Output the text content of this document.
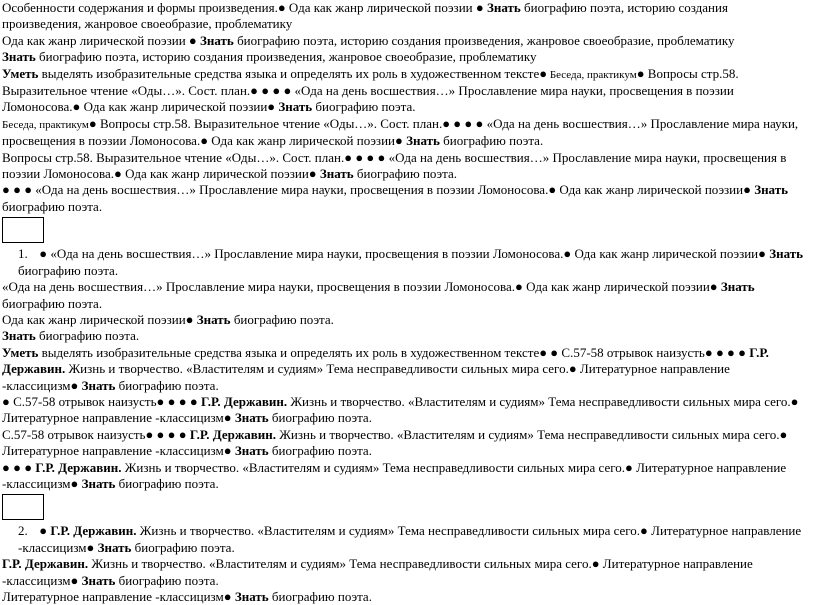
Особенности содержания и формы произведения.● Ода как жанр лирической поэзии ● Знать биографию поэта, историю создания произведения, жанровое своеобразие, проблематику

Ода как жанр лирической поэзии ● Знать биографию поэта, историю создания произведения, жанровое своеобразие, проблематику

Знать биографию поэта, историю создания произведения, жанровое своеобразие, проблематику

Уметь выделять изобразительные средства языка и определять их роль в художественном тексте● Беседа, практикум● Вопросы стр.58. Выразительное чтение «Оды…». Сост. план.● ● ● ● «Ода на день восшествия…» Прославление мира науки, просвещения в поэзии Ломоносова.● Ода как жанр лирической поэзии● Знать биографию поэта.

Беседа, практикум● Вопросы стр.58. Выразительное чтение «Оды…». Сост. план.● ● ● ● «Ода на день восшествия…» Прославление мира науки, просвещения в поэзии Ломоносова.● Ода как жанр лирической поэзии● Знать биографию поэта.

Вопросы стр.58. Выразительное чтение «Оды…». Сост. план.● ● ● ● «Ода на день восшествия…» Прославление мира науки, просвещения в поэзии Ломоносова.● Ода как жанр лирической поэзии● Знать биографию поэта.

● ● ● «Ода на день восшествия…» Прославление мира науки, просвещения в поэзии Ломоносова.● Ода как жанр лирической поэзии● Знать биографию поэта.

1. ● «Ода на день восшествия…» Прославление мира науки, просвещения в поэзии Ломоносова.● Ода как жанр лирической поэзии● Знать биографию поэта.

«Ода на день восшествия…» Прославление мира науки, просвещения в поэзии Ломоносова.● Ода как жанр лирической поэзии● Знать биографию поэта.

Ода как жанр лирической поэзии● Знать биографию поэта.

Знать биографию поэта.

Уметь выделять изобразительные средства языка и определять их роль в художественном тексте● ● С.57-58 отрывок наизусть● ● ● ● Г.Р. Державин. Жизнь и творчество. «Властителям и судиям» Тема несправедливости сильных мира сего.● Литературное направление -классицизм● Знать биографию поэта.

● С.57-58 отрывок наизусть● ● ● ● Г.Р. Державин. Жизнь и творчество. «Властителям и судиям» Тема несправедливости сильных мира сего.● Литературное направление -классицизм● Знать биографию поэта.

С.57-58 отрывок наизусть● ● ● ● Г.Р. Державин. Жизнь и творчество. «Властителям и судиям» Тема несправедливости сильных мира сего.● Литературное направление -классицизм● Знать биографию поэта.

● ● ● Г.Р. Державин. Жизнь и творчество. «Властителям и судиям» Тема несправедливости сильных мира сего.● Литературное направление -классицизм● Знать биографию поэта.

2. ● Г.Р. Державин. Жизнь и творчество. «Властителям и судиям» Тема несправедливости сильных мира сего.● Литературное направление -классицизм● Знать биографию поэта.

Г.Р. Державин. Жизнь и творчество. «Властителям и судиям» Тема несправедливости сильных мира сего.● Литературное направление -классицизм● Знать биографию поэта.

Литературное направление -классицизм● Знать биографию поэта.
